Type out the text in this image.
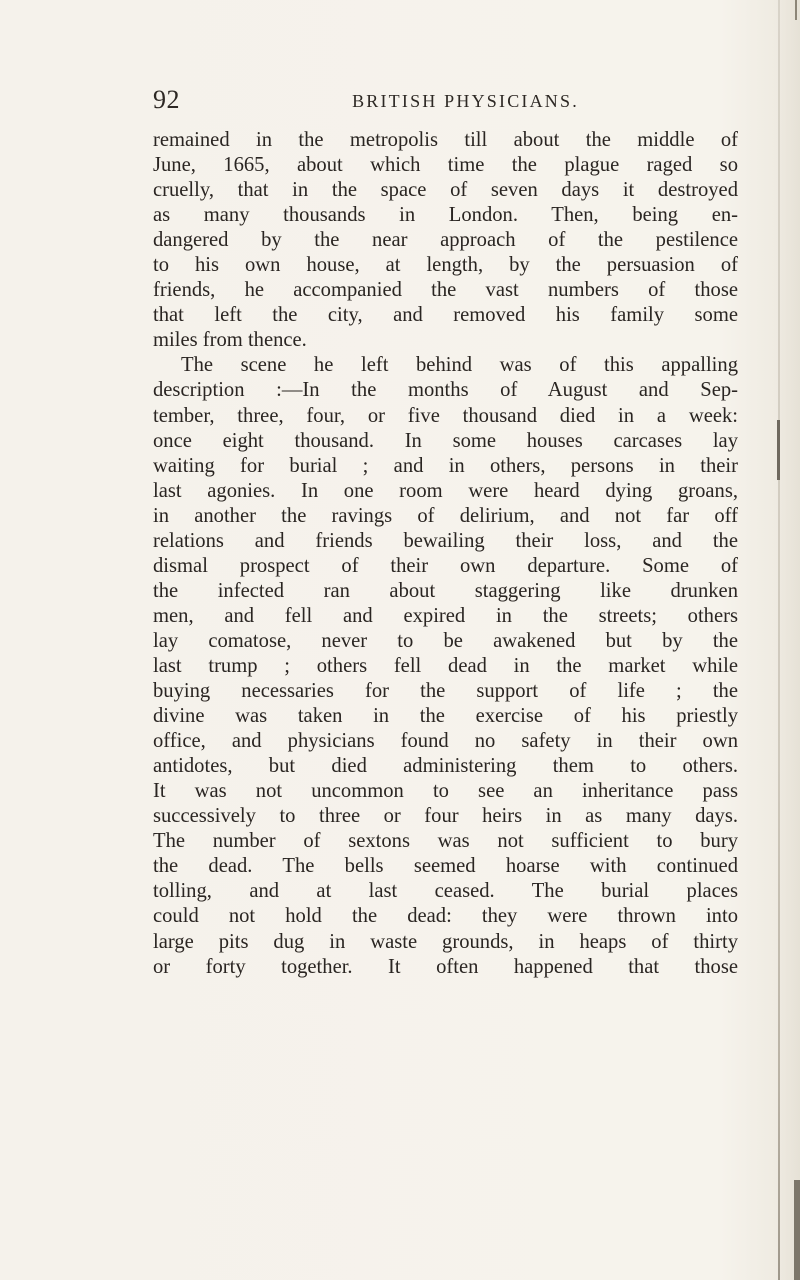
92	BRITISH PHYSICIANS.
remained in the metropolis till about the middle of
June, 1665, about which time the plague raged so
cruelly, that in the space of seven days it destroyed
as many thousands in London. Then, being en-
dangered by the near approach of the pestilence
to his own house, at length, by the persuasion of
friends, he accompanied the vast numbers of those
that left the city, and removed his family some
miles from thence.
The scene he left behind was of this appalling
description :—In the months of August and Sep-
tember, three, four, or five thousand died in a week:
once eight thousand. In some houses carcases lay
waiting for burial ; and in others, persons in their
last agonies. In one room were heard dying groans,
in another the ravings of delirium, and not far off
relations and friends bewailing their loss, and the
dismal prospect of their own departure. Some of
the infected ran about staggering like drunken
men, and fell and expired in the streets; others
lay comatose, never to be awakened but by the
last trump ; others fell dead in the market while
buying necessaries for the support of life ; the
divine was taken in the exercise of his priestly
office, and physicians found no safety in their own
antidotes, but died administering them to others.
It was not uncommon to see an inheritance pass
successively to three or four heirs in as many days.
The number of sextons was not sufficient to bury
the dead. The bells seemed hoarse with continued
tolling, and at last ceased. The burial places
could not hold the dead: they were thrown into
large pits dug in waste grounds, in heaps of thirty
or forty together. It often happened that those
